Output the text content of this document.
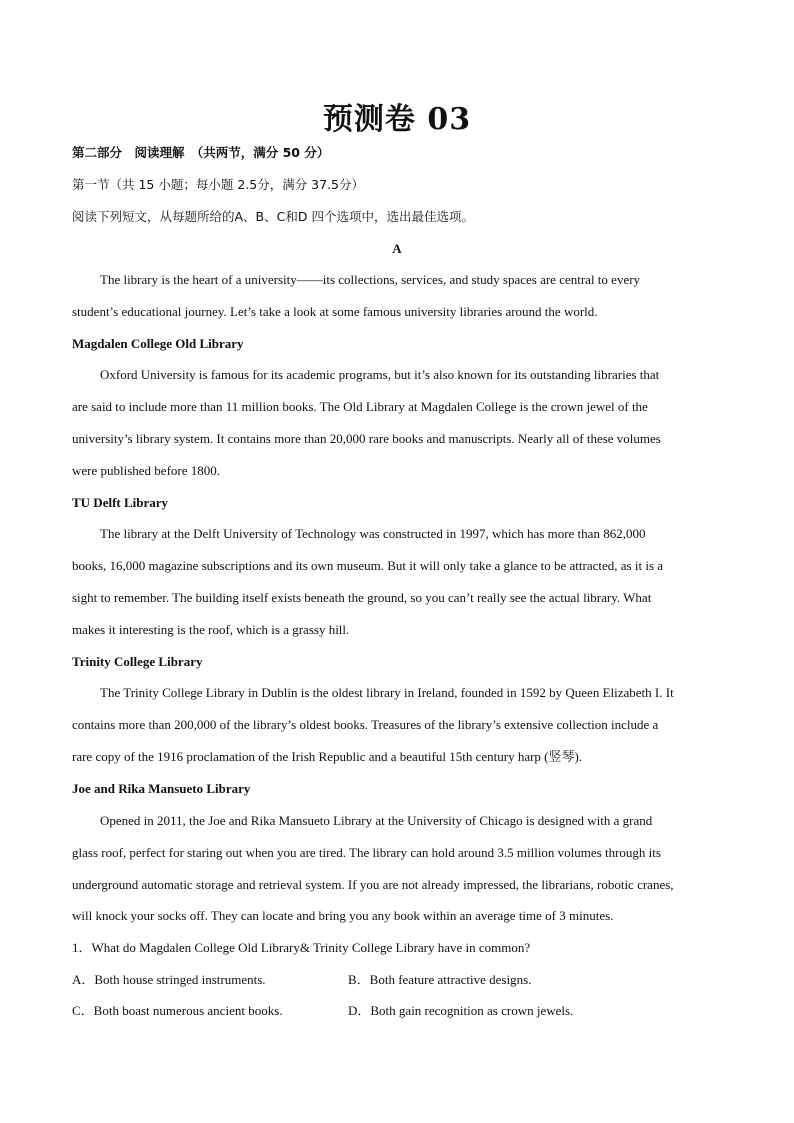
预测卷 03
第二部分　阅读理解　（共两节，满分 50 分）
第一节（共 15 小题；每小题 2.5分，满分 37.5分）
阅读下列短文，从每题所给的A、B、C和D 四个选项中，选出最佳选项。
A
The library is the heart of a university——its collections, services, and study spaces are central to every
student’s educational journey. Let’s take a look at some famous university libraries around the world.
Magdalen College Old Library
Oxford University is famous for its academic programs, but it’s also known for its outstanding libraries that
are said to include more than 11 million books. The Old Library at Magdalen College is the crown jewel of the
university’s library system. It contains more than 20,000 rare books and manuscripts. Nearly all of these volumes
were published before 1800.
TU Delft Library
The library at the Delft University of Technology was constructed in 1997, which has more than 862,000
books, 16,000 magazine subscriptions and its own museum. But it will only take a glance to be attracted, as it is a
sight to remember. The building itself exists beneath the ground, so you can’t really see the actual library. What
makes it interesting is the roof, which is a grassy hill.
Trinity College Library
The Trinity College Library in Dublin is the oldest library in Ireland, founded in 1592 by Queen Elizabeth I. It
contains more than 200,000 of the library’s oldest books. Treasures of the library’s extensive collection include a
rare copy of the 1916 proclamation of the Irish Republic and a beautiful 15th century harp (竖琴).
Joe and Rika Mansueto Library
Opened in 2011, the Joe and Rika Mansueto Library at the University of Chicago is designed with a grand
glass roof, perfect for staring out when you are tired. The library can hold around 3.5 million volumes through its
underground automatic storage and retrieval system. If you are not already impressed, the librarians, robotic cranes,
will knock your socks off. They can locate and bring you any book within an average time of 3 minutes.
1．What do Magdalen College Old Library& Trinity College Library have in common?
A．Both house stringed instruments.	B．Both feature attractive designs.
C．Both boast numerous ancient books.	D．Both gain recognition as crown jewels.
